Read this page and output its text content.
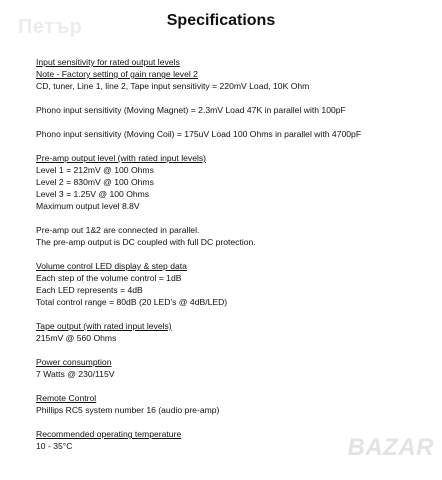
Петър
BAZAR
Specifications
Input sensitivity for rated output levels
Note - Factory setting of gain range level 2
CD, tuner, Line 1, line 2, Tape input sensitivity = 220mV Load, 10K Ohm
Phono input sensitivity (Moving Magnet) = 2.3mV Load 47K in parallel with 100pF
Phono input sensitivity (Moving Coil) = 175uV Load 100 Ohms in parallel with 4700pF
Pre-amp output level (with rated input levels)
Level 1 = 212mV @ 100 Ohms
Level 2 = 830mV @ 100 Ohms
Level 3 = 1.25V @ 100 Ohms
Maximum output level 8.8V
Pre-amp out 1&2 are connected in parallel.
The pre-amp output is DC coupled with full DC protection.
Volume control LED display & step data
Each step of the volume control = 1dB
Each LED represents = 4dB
Total control range = 80dB (20 LED's @ 4dB/LED)
Tape output (with rated input levels)
215mV @ 560 Ohms
Power consumption
7 Watts @ 230/115V
Remote Control
Phillips RC5 system number 16 (audio pre-amp)
Recommended operating temperature
10 - 35°C
